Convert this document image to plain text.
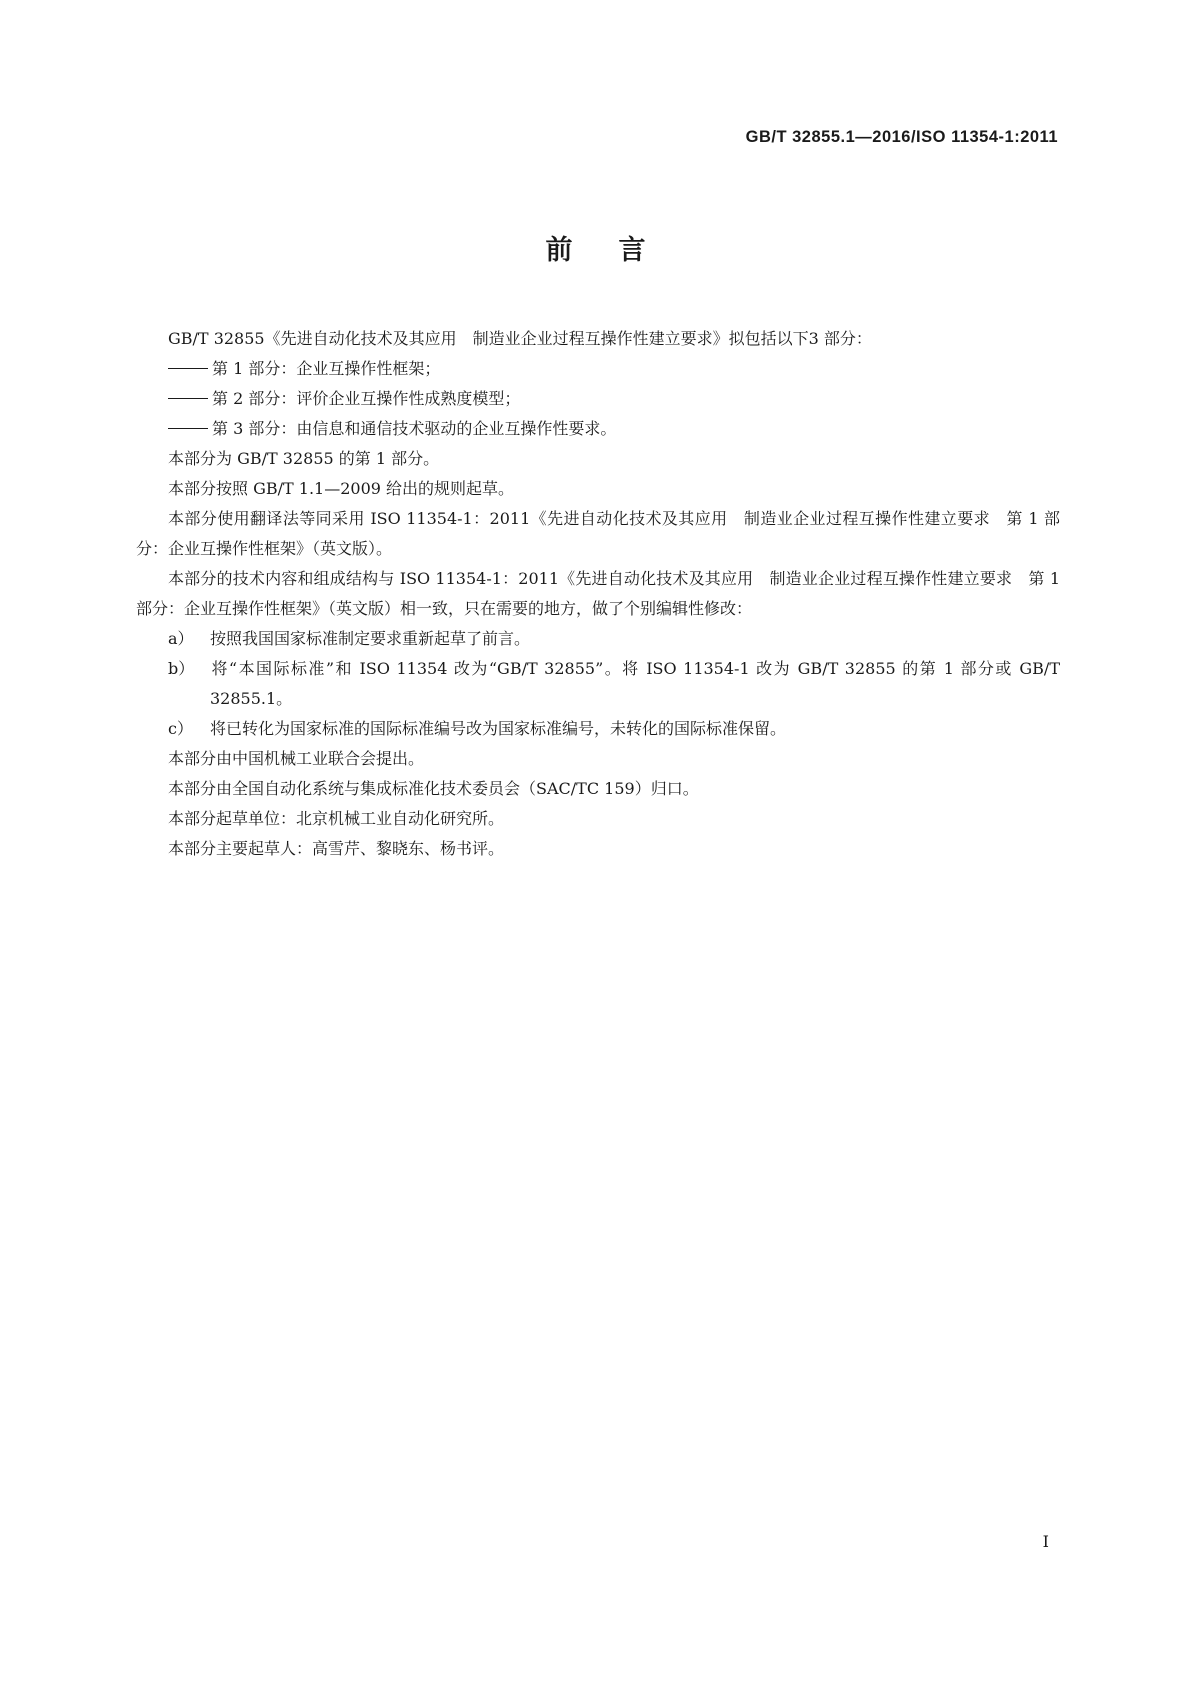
GB/T 32855.1—2016/ISO 11354-1:2011
前言

GB/T 32855《先进自动化技术及其应用　制造业企业过程互操作性建立要求》拟包括以下3 部分：

第 1 部分：企业互操作性框架；

第 2 部分：评价企业互操作性成熟度模型；

第 3 部分：由信息和通信技术驱动的企业互操作性要求。

本部分为 GB/T 32855 的第 1 部分。

本部分按照 GB/T 1.1—2009 给出的规则起草。

本部分使用翻译法等同采用 ISO 11354-1：2011《先进自动化技术及其应用　制造业企业过程互操作性建立要求　第 1 部分：企业互操作性框架》（英文版）。

本部分的技术内容和组成结构与 ISO 11354-1：2011《先进自动化技术及其应用　制造业企业过程互操作性建立要求　第 1 部分：企业互操作性框架》（英文版）相一致，只在需要的地方，做了个别编辑性修改：

a） 按照我国国家标准制定要求重新起草了前言。

b） 将“本国际标准”和 ISO 11354 改为“GB/T 32855”。将 ISO 11354-1 改为 GB/T 32855 的第 1 部分或 GB/T 32855.1。

c） 将已转化为国家标准的国际标准编号改为国家标准编号，未转化的国际标准保留。

本部分由中国机械工业联合会提出。

本部分由全国自动化系统与集成标准化技术委员会（SAC/TC 159）归口。

本部分起草单位：北京机械工业自动化研究所。

本部分主要起草人：高雪芹、黎晓东、杨书评。

I
